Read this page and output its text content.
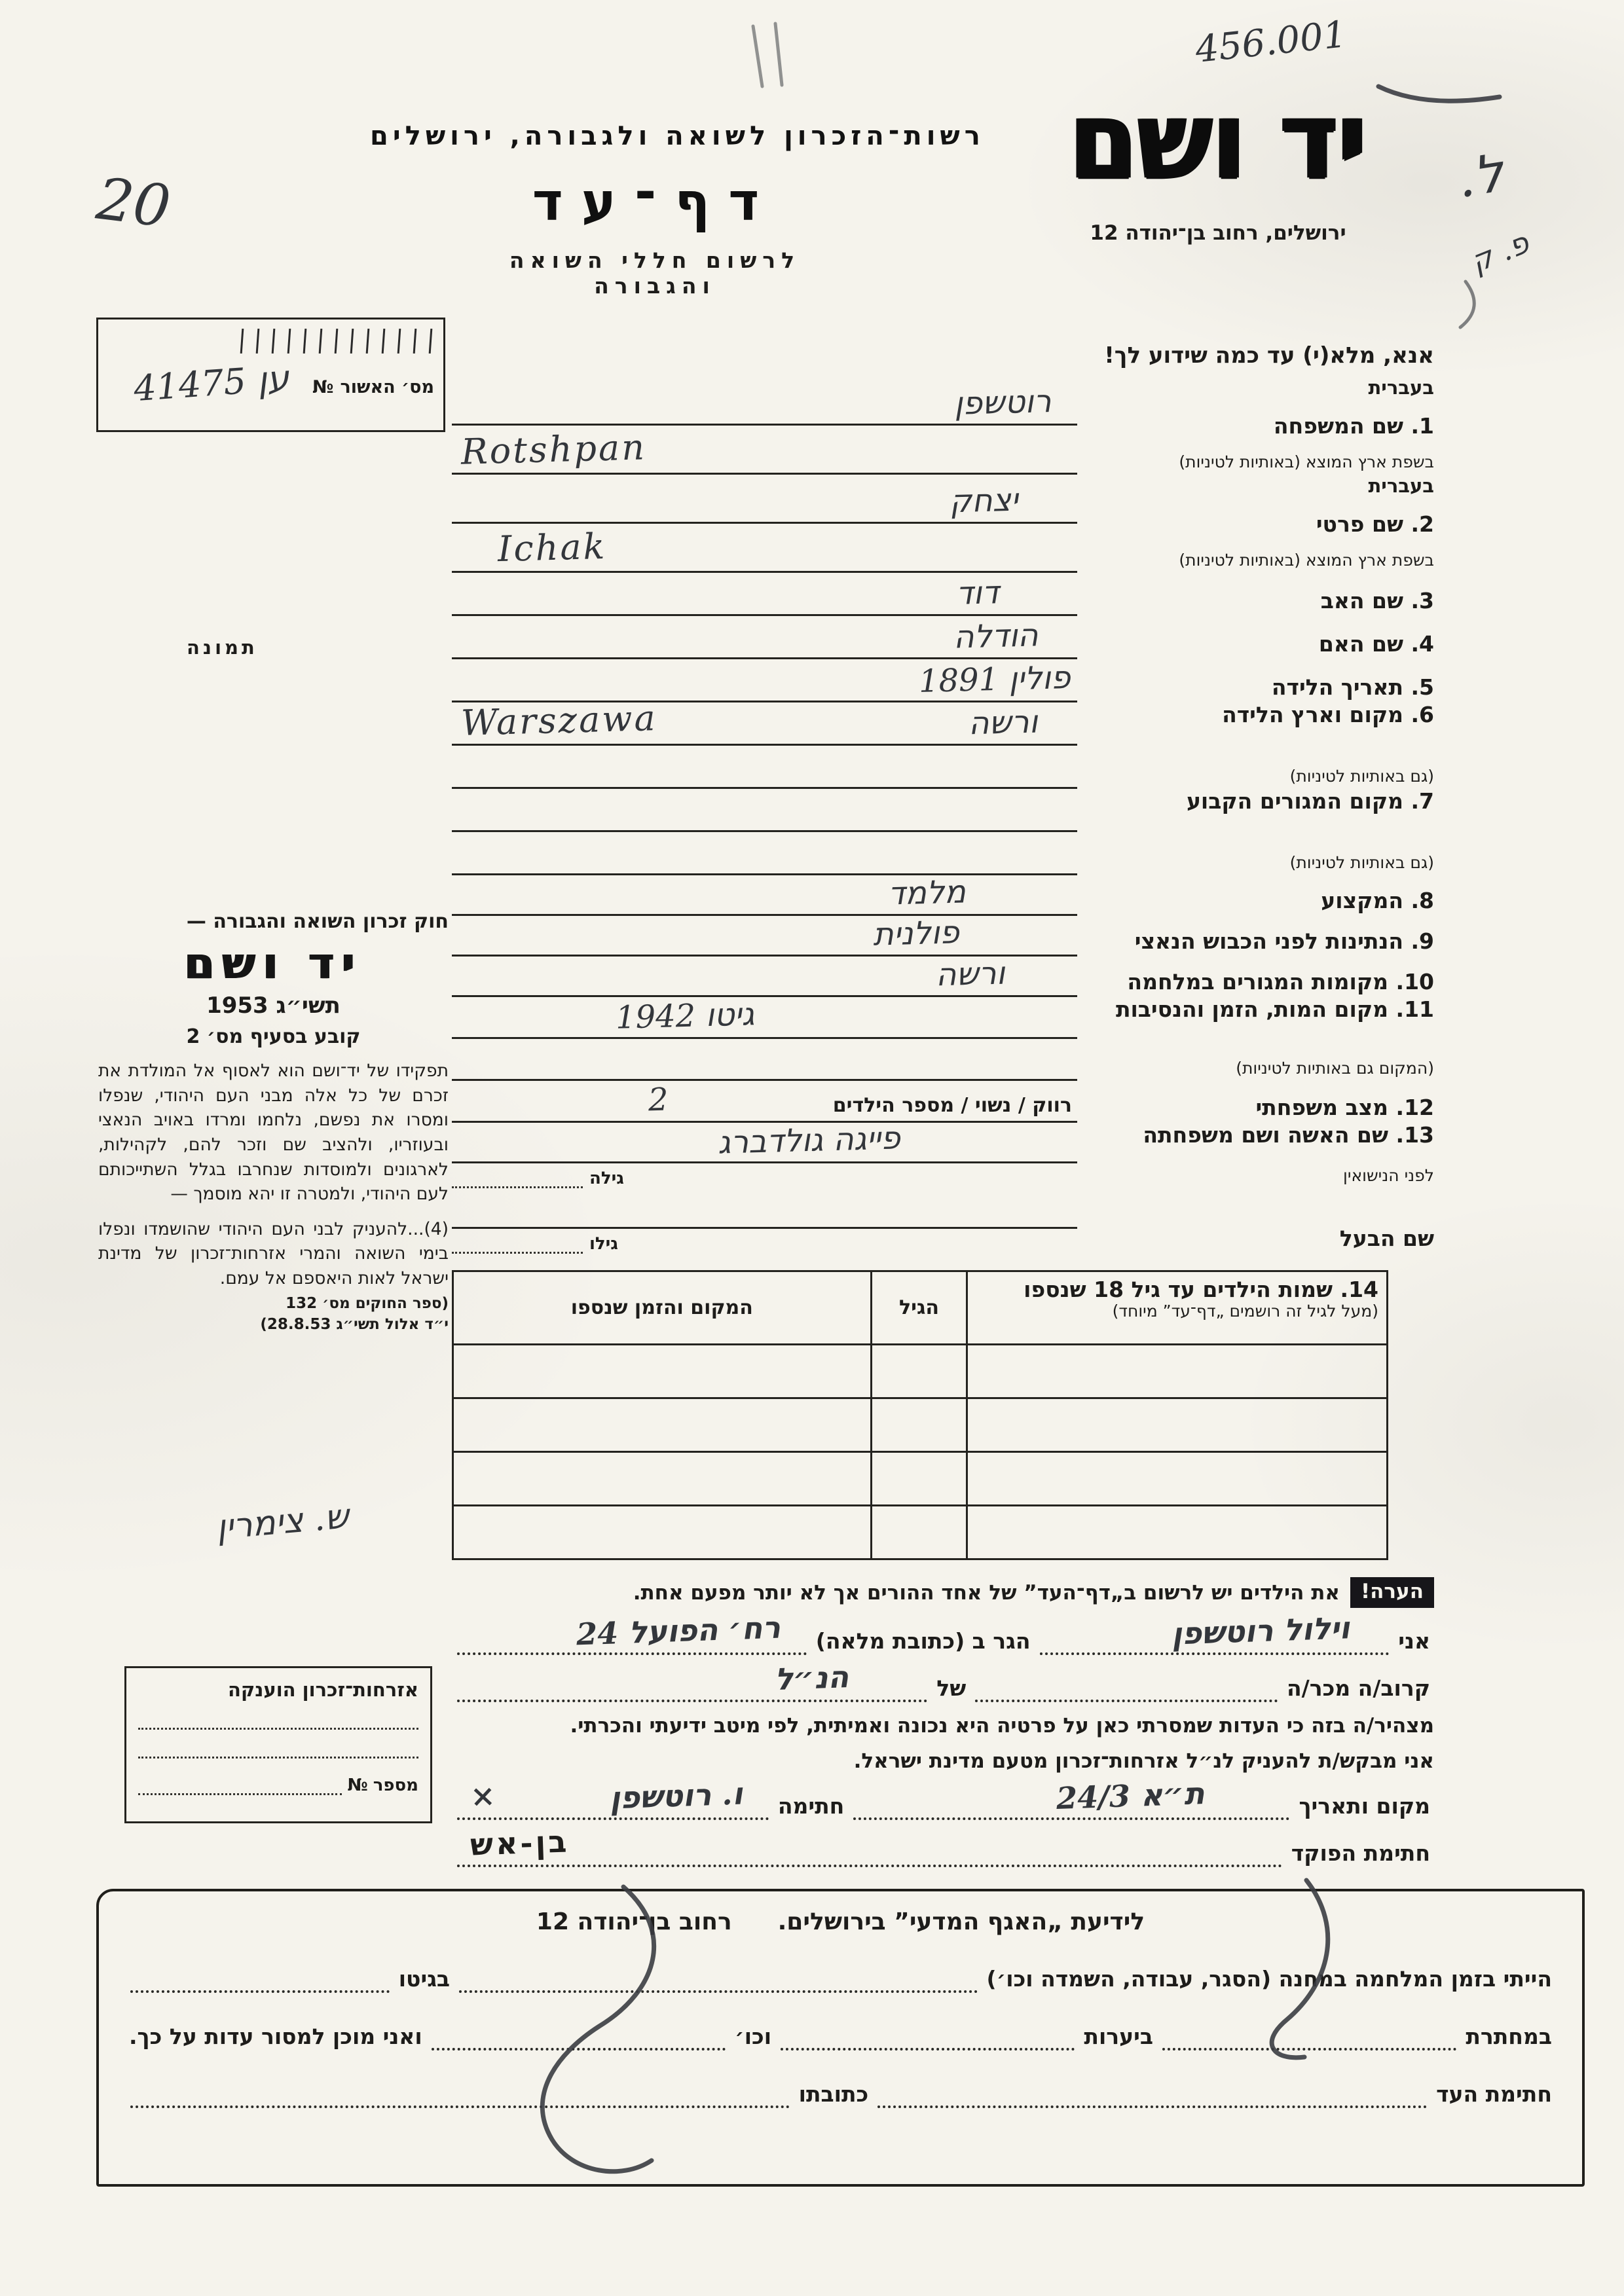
רשות־הזכרון לשואה ולגבורה, ירושלים
דף־עד
לרשום חללי השואה והגבורה
יד ושם
ירושלים, רחוב בן־יהודה 12
20
456.001
ל.
פ. ק
מס׳ האשור
№
ען 41475
תמונה
חוק זכרון השואה והגבורה —
יד ושם
תשי״ג 1953
קובע בסעיף מס׳ 2

תפקידו של יד־ושם הוא לאסוף אל המולדת את זכרם של כל אלה מבני העם היהודי, שנפלו ומסרו את נפשם, נלחמו ומרדו באויב הנאצי ובעוזריו, ולהציב שם וזכר להם, לקהילות, לארגונים ולמוסדות שנחרבו בגלל השתייכותם לעם היהודי, ולמטרה זו יהא מוסמך —

(4)...להעניק לבני העם היהודי שהושמדו ונפלו בימי השואה והמרי אזרחות־זכרון של מדינת ישראל לאות היאספם אל עמם.

(ספר החוקים מס׳ 132
י״ד אלול תשי״ג 28.8.53)
ש. צימרין
אזרחות־זכרון הוענקה
מספר
№
אנא, מלא(י) עד כמה שידוע לך!
בעברית
1. שם המשפחה
בשפת ארץ המוצא (באותיות לטיניות)
רוטשפן
Rotshpan
בעברית
2. שם פרטי
בשפת ארץ המוצא (באותיות לטיניות)
יצחק
Ichak
3. שם האב
דוד
4. שם האם
הודלה
5. תאריך הלידה
פולין 1891
6. מקום וארץ הלידה
(גם באותיות לטיניות)
ורשה
Warszawa
7. מקום המגורים הקבוע
(גם באותיות לטיניות)
8. המקצוע
מלמד
9. הנתינות לפני הכבוש הנאצי
פולנית
10. מקומות המגורים במלחמה
ורשה
11. מקום המות, הזמן והנסיבות
(המקום גם באותיות לטיניות)
גיטו 1942
12. מצב משפחתי
רווק / נשוי / מספר הילדים
2
13. שם האשה ושם משפחתה
לפני הנישואין
פייגה גולדברג
גילה
שם הבעל
גילו
14. שמות הילדים עד גיל 18 שנספו
(מעל לגיל זה רושמים „דף־עד” מיוחד)	הגיל	המקום והזמן שנספו

הערה!
את הילדים יש לרשום ב„דף־העד” של אחד ההורים אך לא יותר מפעם אחת.
אני
וילול רוטשפן
הגר ב (כתובת מלאה)
רח׳ הפועל 24
קרוב/ה מכר/ה
של
הנ״ל
מצהיר/ה בזה כי העדות שמסרתי כאן על פרטיה היא נכונה ואמיתית, לפי מיטב ידיעתי והכרתי.
אני מבקש/ת להעניק לנ״ל אזרחות־זכרון מטעם מדינת ישראל.
מקום ותאריך
ת״א 24/3
חתימה
ו. רוטשפן
×
חתימת הפוקד
בן-אש
לידיעת „האגף המדעי” בירושלים.
רחוב בן־יהודה 12
הייתי בזמן המלחמה במחנה (הסגר, עבודה, השמדה וכו׳)
בגיטו
במחתרת
ביערות
וכו׳
ואני מוכן למסור עדות על כך.
חתימת העד
כתובתו
